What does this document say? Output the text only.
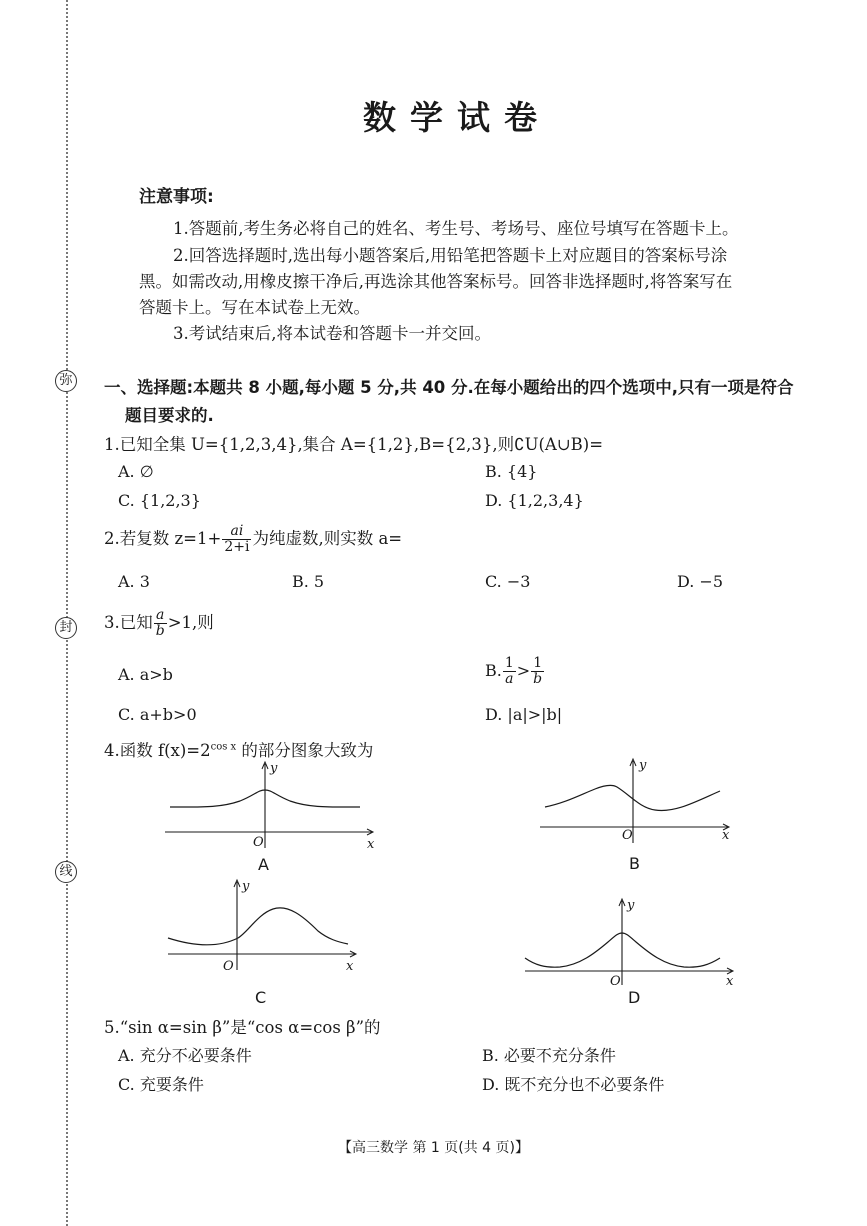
弥
封
线
数学试卷
注意事项:
1.答题前,考生务必将自己的姓名、考生号、考场号、座位号填写在答题卡上。
2.回答选择题时,选出每小题答案后,用铅笔把答题卡上对应题目的答案标号涂
黑。如需改动,用橡皮擦干净后,再选涂其他答案标号。回答非选择题时,将答案写在
答题卡上。写在本试卷上无效。
3.考试结束后,将本试卷和答题卡一并交回。
一、选择题:本题共 8 小题,每小题 5 分,共 40 分.在每小题给出的四个选项中,只有一项是符合
题目要求的.
1.已知全集 U={1,2,3,4},集合 A={1,2},B={2,3},则∁U(A∪B)=
A. ∅	B. {4}
C. {1,2,3}	D. {1,2,3,4}
2.若复数 $z=1+ \frac{ai}{2+i}$ 为纯虚数,则实数 a=
A. 3	B. 5	C. −3	D. −5
3.已知 $\frac{a}{b} >1$,则
A. a>b	B. $\frac{1}{a} > \frac{1}{b}$
C. a+b>0	D. |a|>|b|
4.函数 $f(x)=2^{cos x}$ 的部分图象大致为
O	x
y
A
O	x
y
B
O	x
y
C
O	x
y
D
5.“sin α=sin β”是“cos α=cos β”的
A. 充分不必要条件	B. 必要不充分条件
C. 充要条件	D. 既不充分也不必要条件
【高三数学 第 1 页(共 4 页)】
